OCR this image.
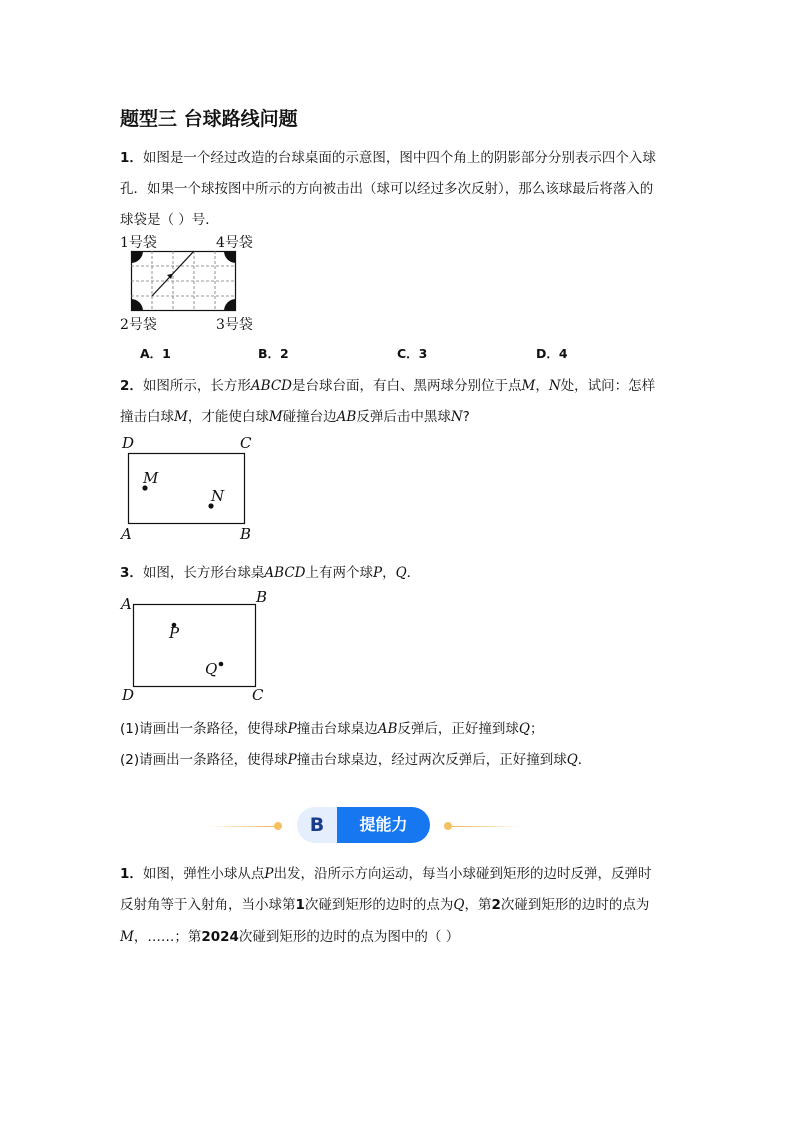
题型三 台球路线问题
1．如图是一个经过改造的台球桌面的示意图，图中四个角上的阴影部分分别表示四个入球
孔．如果一个球按图中所示的方向被击出（球可以经过多次反射），那么该球最后将落入的
球袋是（ ）号．
1号袋	4号袋
2号袋	3号袋
A．1	B．2	C．3	D．4
2．如图所示，长方形ABCD是台球台面，有白、黑两球分别位于点M，N处，试问：怎样
撞击白球M，才能使白球M碰撞台边AB反弹后击中黑球N?
D	C
A	B
M
N
3．如图，长方形台球桌ABCD上有两个球P，Q．
A	B
D	C
P
Q
(1)请画出一条路径，使得球P撞击台球桌边AB反弹后，正好撞到球Q；
(2)请画出一条路径，使得球P撞击台球桌边，经过两次反弹后，正好撞到球Q．
B	提能力
1．如图，弹性小球从点P出发，沿所示方向运动，每当小球碰到矩形的边时反弹，反弹时
反射角等于入射角，当小球第1次碰到矩形的边时的点为Q，第2次碰到矩形的边时的点为
M，……；第2024次碰到矩形的边时的点为图中的（ ）
